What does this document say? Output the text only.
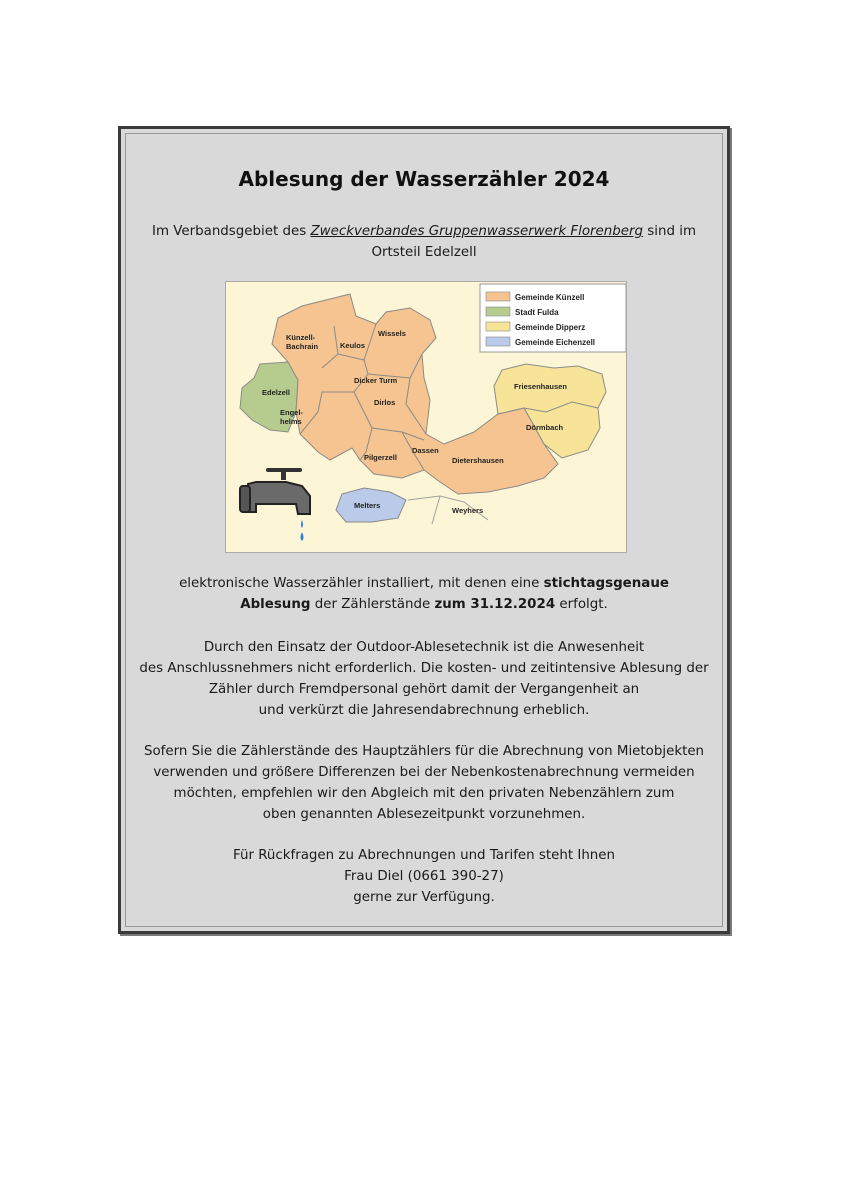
Ablesung der Wasserzähler 2024
Im Verbandsgebiet des Zweckverbandes Gruppenwasserwerk Florenberg sind im
Ortsteil Edelzell
Gemeinde Künzell
Stadt Fulda
Gemeinde Dipperz
Gemeinde Eichenzell
Künzell-
Bachrain	Keulos
Wissels
Edelzell
Engel-
helms
Dicker Turm
Dirlos
Friesenhausen
Dörmbach
Dassen
Pilgerzell	Dietershausen
Melters
Weyhers
elektronische Wasserzähler installiert, mit denen eine stichtagsgenaue
Ablesung der Zählerstände zum 31.12.2024 erfolgt.
Durch den Einsatz der Outdoor-Ablesetechnik ist die Anwesenheit
des Anschlussnehmers nicht erforderlich. Die kosten- und zeitintensive Ablesung der
Zähler durch Fremdpersonal gehört damit der Vergangenheit an
und verkürzt die Jahresendabrechnung erheblich.
Sofern Sie die Zählerstände des Hauptzählers für die Abrechnung von Mietobjekten
verwenden und größere Differenzen bei der Nebenkostenabrechnung vermeiden
möchten, empfehlen wir den Abgleich mit den privaten Nebenzählern zum
oben genannten Ablesezeitpunkt vorzunehmen.
Für Rückfragen zu Abrechnungen und Tarifen steht Ihnen
Frau Diel (0661 390-27)
gerne zur Verfügung.
